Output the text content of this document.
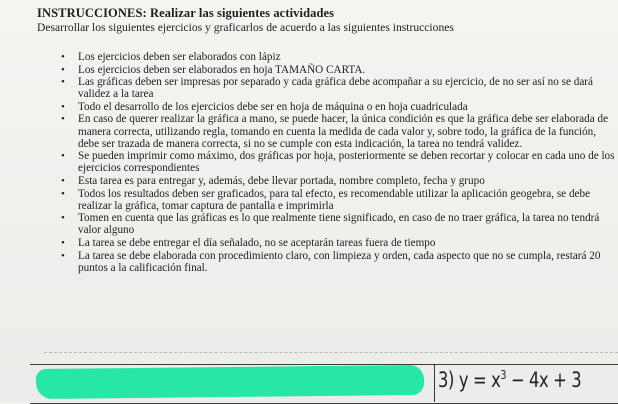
INSTRUCCIONES: Realizar las siguientes actividades
Desarrollar los siguientes ejercicios y graficarlos de acuerdo a las siguientes instrucciones
• Los ejercicios deben ser elaborados con lápiz
• Los ejercicios deben ser elaborados en hoja TAMAÑO CARTA.
• Las gráficas deben ser impresas por separado y cada gráfica debe acompañar a su ejercicio, de no ser así no se dará validez a la tarea
• Todo el desarrollo de los ejercicios debe ser en hoja de máquina o en hoja cuadriculada
• En caso de querer realizar la gráfica a mano, se puede hacer, la única condición es que la gráfica debe ser elaborada de manera correcta, utilizando regla, tomando en cuenta la medida de cada valor y, sobre todo, la gráfica de la función, debe ser trazada de manera correcta, si no se cumple con esta indicación, la tarea no tendrá validez.
• Se pueden imprimir como máximo, dos gráficas por hoja, posteriormente se deben recortar y colocar en cada uno de los ejercicios correspondientes
• Esta tarea es para entregar y, además, debe llevar portada, nombre completo, fecha y grupo
• Todos los resultados deben ser graficados, para tal efecto, es recomendable utilizar la aplicación geogebra, se debe realizar la gráfica, tomar captura de pantalla e imprimirla
• Tomen en cuenta que las gráficas es lo que realmente tiene significado, en caso de no traer gráfica, la tarea no tendrá valor alguno
• La tarea se debe entregar el día señalado, no se aceptarán tareas fuera de tiempo
• La tarea se debe elaborada con procedimiento claro, con limpieza y orden, cada aspecto que no se cumpla, restará 20 puntos a la calificación final.
3) $y = x^3 - 4x + 3$
